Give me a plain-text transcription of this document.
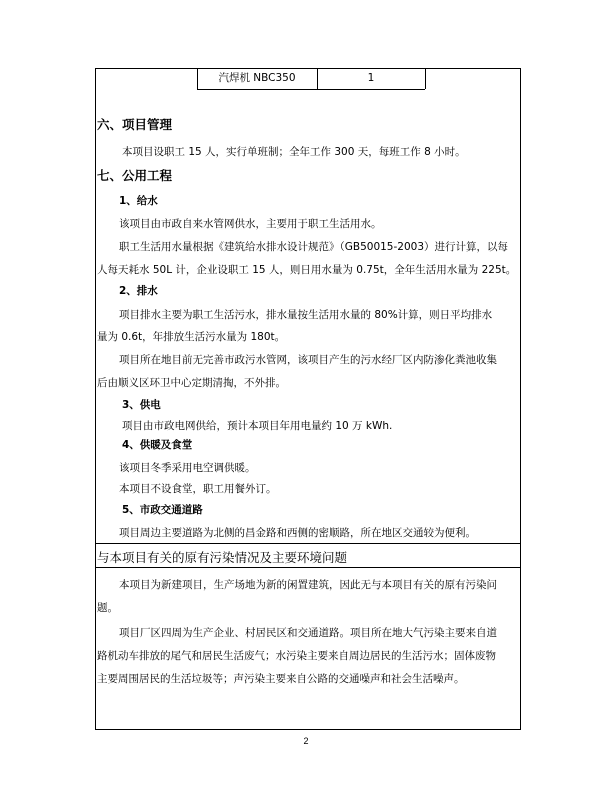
汽焊机 NBC350	1
六、项目管理
本项目设职工 15 人，实行单班制；全年工作 300 天，每班工作 8 小时。
七、公用工程
1、给水
该项目由市政自来水管网供水，主要用于职工生活用水。
职工生活用水量根据《建筑给水排水设计规范》（GB50015-2003）进行计算，以每
人每天耗水 50L 计，企业设职工 15 人，则日用水量为 0.75t，全年生活用水量为 225t。
2、排水
项目排水主要为职工生活污水，排水量按生活用水量的 80%计算，则日平均排水
量为 0.6t，年排放生活污水量为 180t。
项目所在地目前无完善市政污水管网，该项目产生的污水经厂区内防渗化粪池收集
后由顺义区环卫中心定期清掏，不外排。
3、供电
项目由市政电网供给，预计本项目年用电量约 10 万 kWh.
4、供暖及食堂
该项目冬季采用电空调供暖。
本项目不设食堂，职工用餐外订。
5、市政交通道路
项目周边主要道路为北侧的昌金路和西侧的密顺路，所在地区交通较为便利。
与本项目有关的原有污染情况及主要环境问题
本项目为新建项目，生产场地为新的闲置建筑，因此无与本项目有关的原有污染问
题。
项目厂区四周为生产企业、村居民区和交通道路。项目所在地大气污染主要来自道
路机动车排放的尾气和居民生活废气；水污染主要来自周边居民的生活污水；固体废物
主要周围居民的生活垃圾等；声污染主要来自公路的交通噪声和社会生活噪声。
2
